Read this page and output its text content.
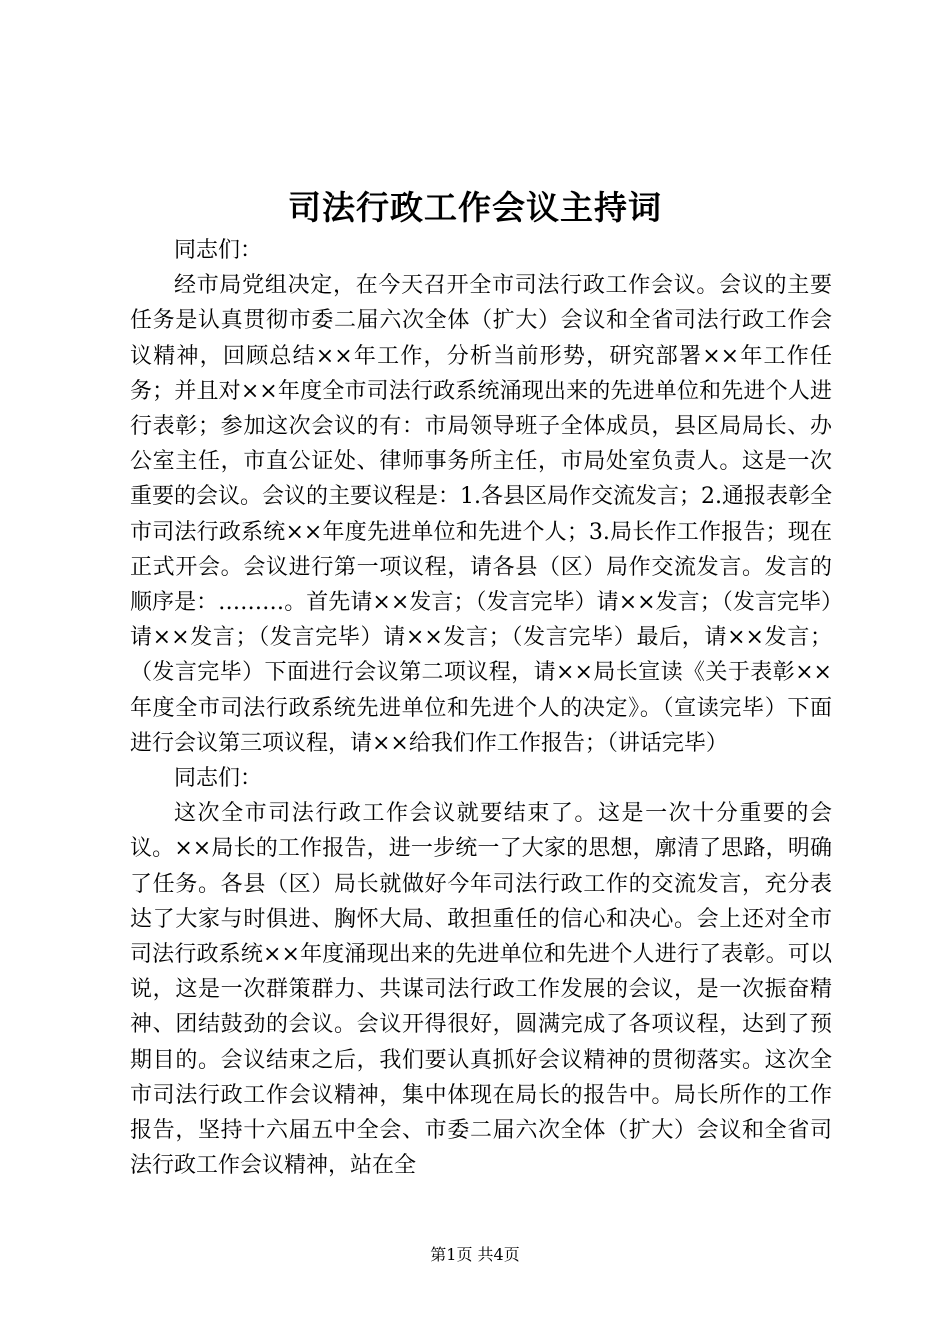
司法行政工作会议主持词

同志们：

经市局党组决定，在今天召开全市司法行政工作会议。会议的主要任务是认真贯彻市委二届六次全体（扩大）会议和全省司法行政工作会议精神，回顾总结××年工作，分析当前形势，研究部署××年工作任务；并且对××年度全市司法行政系统涌现出来的先进单位和先进个人进行表彰；参加这次会议的有：市局领导班子全体成员，县区局局长、办公室主任，市直公证处、律师事务所主任，市局处室负责人。这是一次重要的会议。会议的主要议程是：1.各县区局作交流发言；2.通报表彰全市司法行政系统××年度先进单位和先进个人；3.局长作工作报告；现在正式开会。会议进行第一项议程，请各县（区）局作交流发言。发言的顺序是：………。首先请××发言；（发言完毕）请××发言；（发言完毕）请××发言；（发言完毕）请××发言；（发言完毕）最后，请××发言；（发言完毕）下面进行会议第二项议程，请××局长宣读《关于表彰××年度全市司法行政系统先进单位和先进个人的决定》。（宣读完毕）下面进行会议第三项议程，请××给我们作工作报告；（讲话完毕）

同志们：

这次全市司法行政工作会议就要结束了。这是一次十分重要的会议。××局长的工作报告，进一步统一了大家的思想，廓清了思路，明确了任务。各县（区）局长就做好今年司法行政工作的交流发言，充分表达了大家与时俱进、胸怀大局、敢担重任的信心和决心。会上还对全市司法行政系统××年度涌现出来的先进单位和先进个人进行了表彰。可以说，这是一次群策群力、共谋司法行政工作发展的会议，是一次振奋精神、团结鼓劲的会议。会议开得很好，圆满完成了各项议程，达到了预期目的。会议结束之后，我们要认真抓好会议精神的贯彻落实。这次全市司法行政工作会议精神，集中体现在局长的报告中。局长所作的工作报告，坚持十六届五中全会、市委二届六次全体（扩大）会议和全省司法行政工作会议精神，站在全

第1页 共4页
